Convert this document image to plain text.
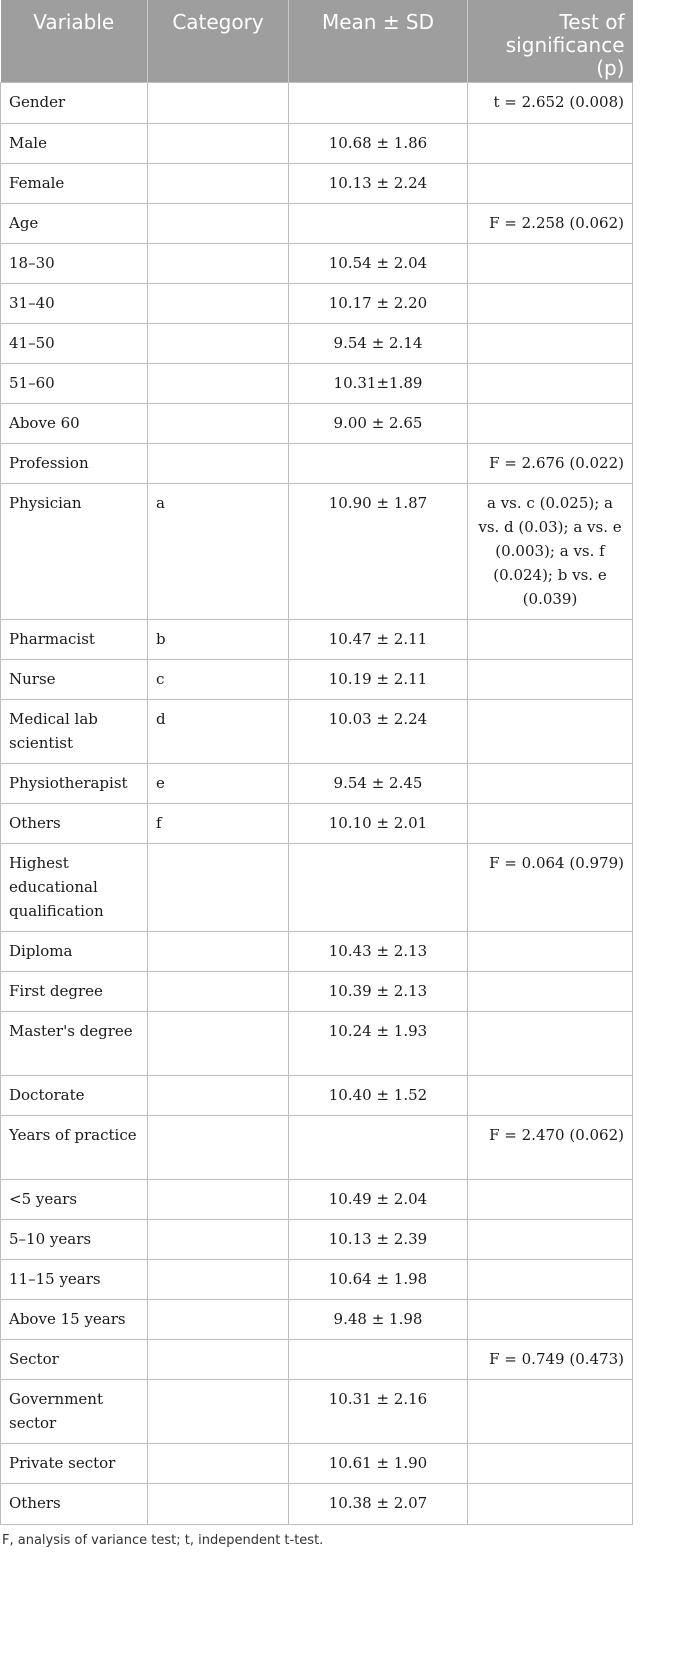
Variable	Category	Mean ± SD	Test of significance (p)
Gender			t = 2.652 (0.008)
Male		10.68 ± 1.86	
Female		10.13 ± 2.24	
Age			F = 2.258 (0.062)
18–30		10.54 ± 2.04	
31–40		10.17 ± 2.20	
41–50		9.54 ± 2.14	
51–60		10.31±1.89	
Above 60		9.00 ± 2.65	
Profession			F = 2.676 (0.022)
Physician	a	10.90 ± 1.87	a vs. c (0.025); a vs. d (0.03); a vs. e (0.003); a vs. f (0.024); b vs. e (0.039)
Pharmacist	b	10.47 ± 2.11	
Nurse	c	10.19 ± 2.11	
Medical lab scientist	d	10.03 ± 2.24	
Physiotherapist	e	9.54 ± 2.45	
Others	f	10.10 ± 2.01	
Highest educational qualification			F = 0.064 (0.979)
Diploma		10.43 ± 2.13	
First degree		10.39 ± 2.13	
Master's degree		10.24 ± 1.93	
Doctorate		10.40 ± 1.52	
Years of practice			F = 2.470 (0.062)
<5 years		10.49 ± 2.04	
5–10 years		10.13 ± 2.39	
11–15 years		10.64 ± 1.98	
Above 15 years		9.48 ± 1.98	
Sector			F = 0.749 (0.473)
Government sector		10.31 ± 2.16	
Private sector		10.61 ± 1.90	
Others		10.38 ± 2.07	
F, analysis of variance test; t, independent t-test.
